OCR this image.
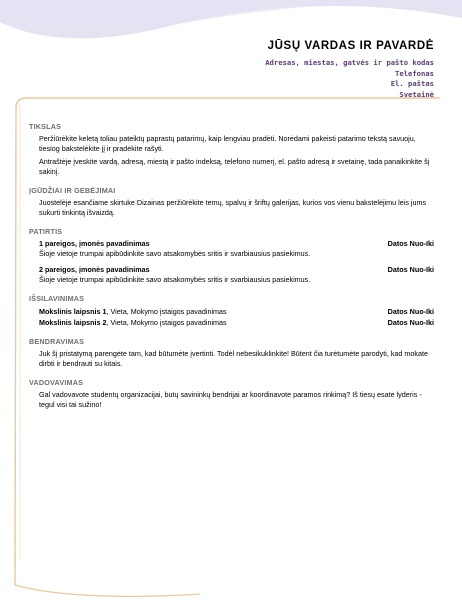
JŪSŲ VARDAS IR PAVARDĖ
Adresas, miestas, gatvės ir pašto kodas
Telefonas
El. paštas
Svetainė
TIKSLAS

Peržiūrėkite keletą toliau pateiktų paprastų patarimų, kaip lengviau pradėti. Norėdami pakeisti patarimo tekstą savuoju, tiesiog bakstelėkite jį ir pradėkite rašyti.

Antraštėje įveskite vardą, adresą, miestą ir pašto indeksą, telefono numerį, el. pašto adresą ir svetainę, tada panaikinkite šį sakinį.

ĮGŪDŽIAI IR GEBĖJIMAI

Juostelėje esančiame skirtuke Dizainas peržiūrėkite temų, spalvų ir šriftų galerijas, kurios vos vienu bakstelėjimu leis jums sukurti tinkintą išvaizdą.

PATIRTIS
1 pareigos, įmonės pavadinimas	Datos Nuo-Iki
Šioje vietoje trumpai apibūdinkite savo atsakomybės sritis ir svarbiausius pasiekimus.
2 pareigos, įmonės pavadinimas	Datos Nuo-Iki
Šioje vietoje trumpai apibūdinkite savo atsakomybės sritis ir svarbiausius pasiekimus.
IŠSILAVINIMAS
Mokslinis laipsnis 1, Vieta, Mokymo įstaigos pavadinimas	Datos Nuo-Iki
Mokslinis laipsnis 2, Vieta, Mokymo įstaigos pavadinimas	Datos Nuo-Iki
BENDRAVIMAS

Juk šį pristatymą parengėte tam, kad būtumėte įvertinti. Todėl nebesikuklinkite! Būtent čia turėtumėte parodyti, kad mokate dirbti ir bendrauti su kitais.

VADOVAVIMAS

Gal vadovavote studentų organizacijai, butų savininkų bendrijai ar koordinavote paramos rinkimą? Iš tiesų esate lyderis - tegul visi tai sužino!
